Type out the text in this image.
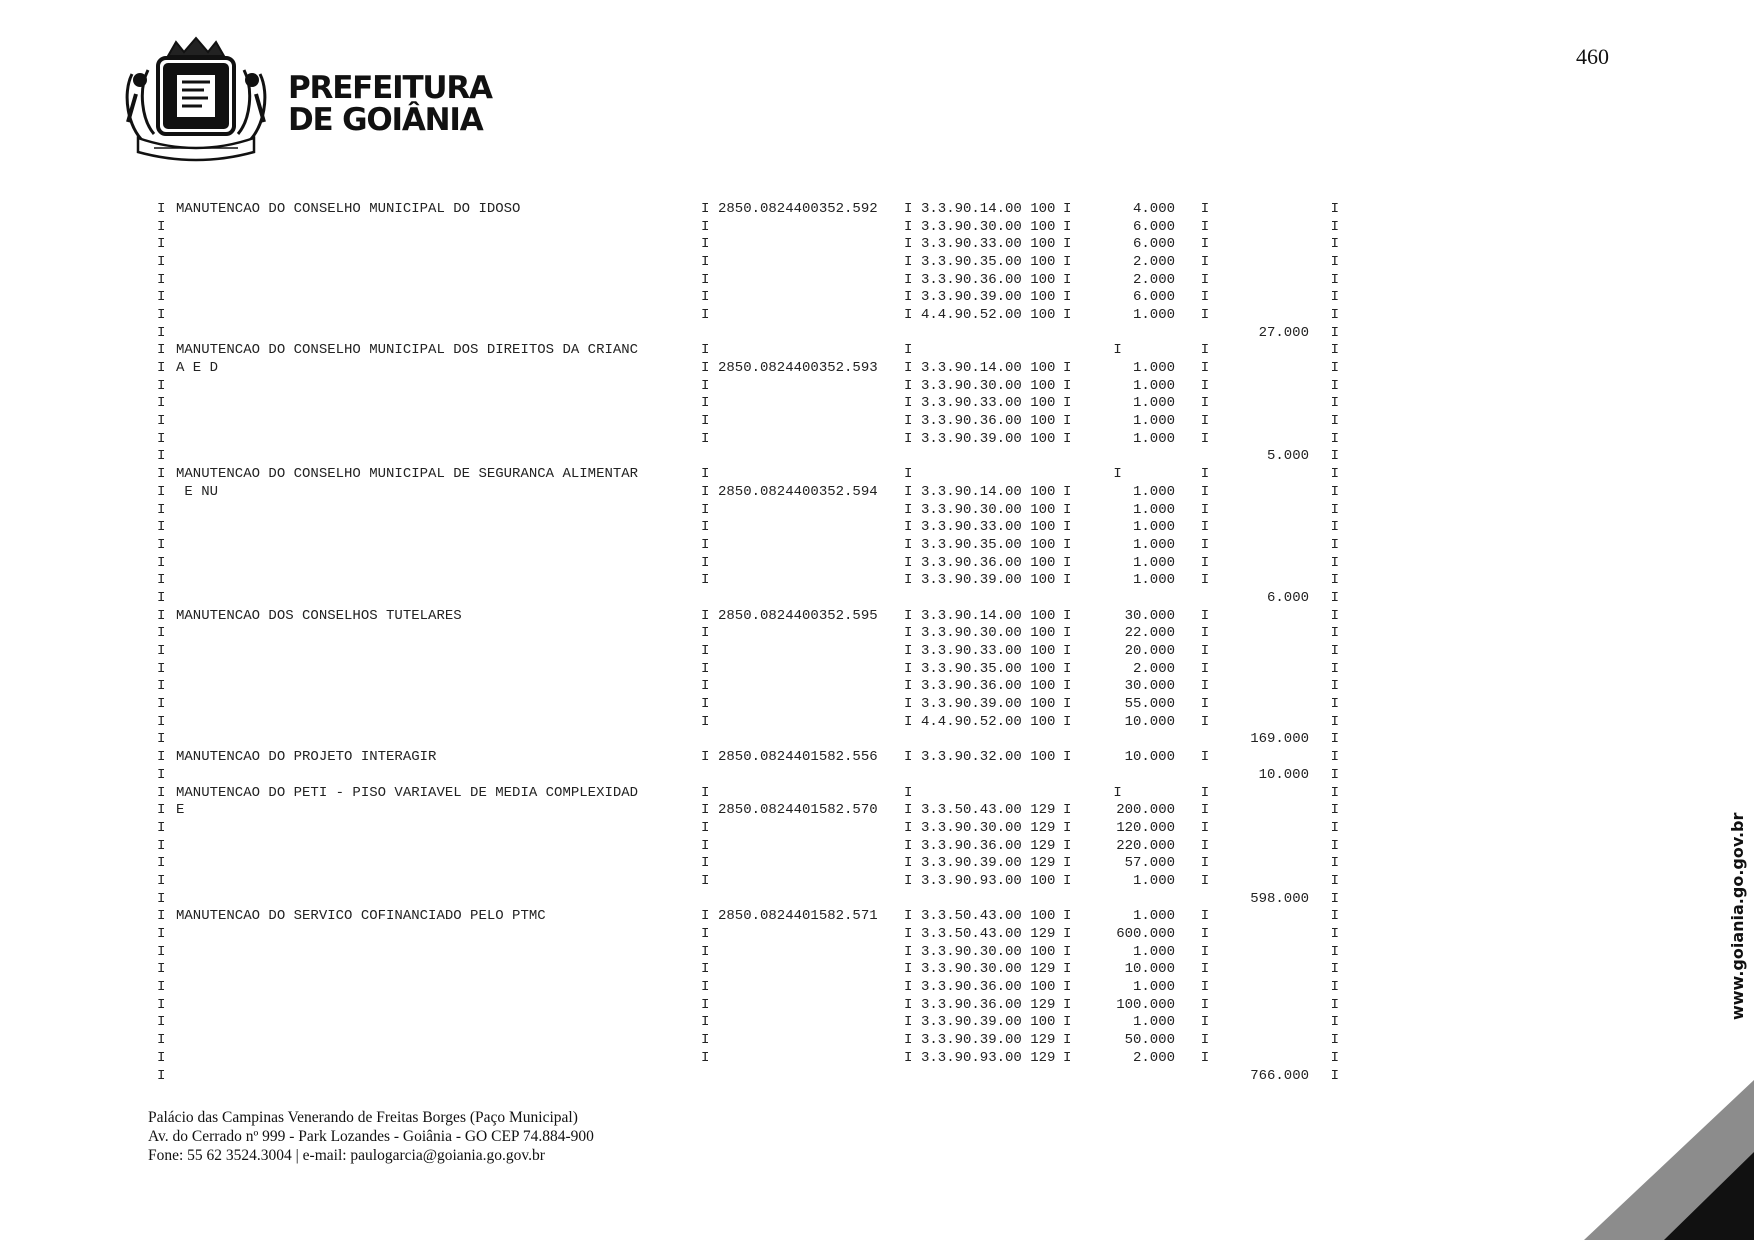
PREFEITURA
DE GOIÂNIA
460
I MANUTENCAO DO CONSELHO MUNICIPAL DO IDOSO	I 2850.0824400352.592	I 3.3.90.14.00 100 I	4.000	I	I
I	I	I 3.3.90.30.00 100 I	6.000	I	I
I	I	I 3.3.90.33.00 100 I	6.000	I	I
I	I	I 3.3.90.35.00 100 I	2.000	I	I
I	I	I 3.3.90.36.00 100 I	2.000	I	I
I	I	I 3.3.90.39.00 100 I	6.000	I	I
I	I	I 4.4.90.52.00 100 I	1.000	I	I
I	27.000	I
I MANUTENCAO DO CONSELHO MUNICIPAL DOS DIREITOS DA CRIANC	I	I	I	I	I
I A E D	I 2850.0824400352.593	I 3.3.90.14.00 100 I	1.000	I	I
I	I	I 3.3.90.30.00 100 I	1.000	I	I
I	I	I 3.3.90.33.00 100 I	1.000	I	I
I	I	I 3.3.90.36.00 100 I	1.000	I	I
I	I	I 3.3.90.39.00 100 I	1.000	I	I
I	5.000	I
I MANUTENCAO DO CONSELHO MUNICIPAL DE SEGURANCA ALIMENTAR	I	I	I	I	I
I E NU	I 2850.0824400352.594	I 3.3.90.14.00 100 I	1.000	I	I
I	I	I 3.3.90.30.00 100 I	1.000	I	I
I	I	I 3.3.90.33.00 100 I	1.000	I	I
I	I	I 3.3.90.35.00 100 I	1.000	I	I
I	I	I 3.3.90.36.00 100 I	1.000	I	I
I	I	I 3.3.90.39.00 100 I	1.000	I	I
I	6.000	I
I MANUTENCAO DOS CONSELHOS TUTELARES	I 2850.0824400352.595	I 3.3.90.14.00 100 I	30.000	I	I
I	I	I 3.3.90.30.00 100 I	22.000	I	I
I	I	I 3.3.90.33.00 100 I	20.000	I	I
I	I	I 3.3.90.35.00 100 I	2.000	I	I
I	I	I 3.3.90.36.00 100 I	30.000	I	I
I	I	I 3.3.90.39.00 100 I	55.000	I	I
I	I	I 4.4.90.52.00 100 I	10.000	I	I
I	169.000	I
I MANUTENCAO DO PROJETO INTERAGIR	I 2850.0824401582.556	I 3.3.90.32.00 100 I	10.000	I	I
I	10.000	I
I MANUTENCAO DO PETI - PISO VARIAVEL DE MEDIA COMPLEXIDAD	I	I	I	I	I
I E	I 2850.0824401582.570	I 3.3.50.43.00 129 I	200.000	I	I
I	I	I 3.3.90.30.00 129 I	120.000	I	I
I	I	I 3.3.90.36.00 129 I	220.000	I	I
I	I	I 3.3.90.39.00 129 I	57.000	I	I
I	I	I 3.3.90.93.00 100 I	1.000	I	I
I	598.000	I
I MANUTENCAO DO SERVICO COFINANCIADO PELO PTMC	I 2850.0824401582.571	I 3.3.50.43.00 100 I	1.000	I	I
I	I	I 3.3.50.43.00 129 I	600.000	I	I
I	I	I 3.3.90.30.00 100 I	1.000	I	I
I	I	I 3.3.90.30.00 129 I	10.000	I	I
I	I	I 3.3.90.36.00 100 I	1.000	I	I
I	I	I 3.3.90.36.00 129 I	100.000	I	I
I	I	I 3.3.90.39.00 100 I	1.000	I	I
I	I	I 3.3.90.39.00 129 I	50.000	I	I
I	I	I 3.3.90.93.00 129 I	2.000	I	I
I	766.000	I
Palácio das Campinas Venerando de Freitas Borges (Paço Municipal)
Av. do Cerrado nº 999 - Park Lozandes - Goiânia - GO CEP 74.884-900
Fone: 55 62 3524.3004 | e-mail: paulogarcia@goiania.go.gov.br
www.goiania.go.gov.br
